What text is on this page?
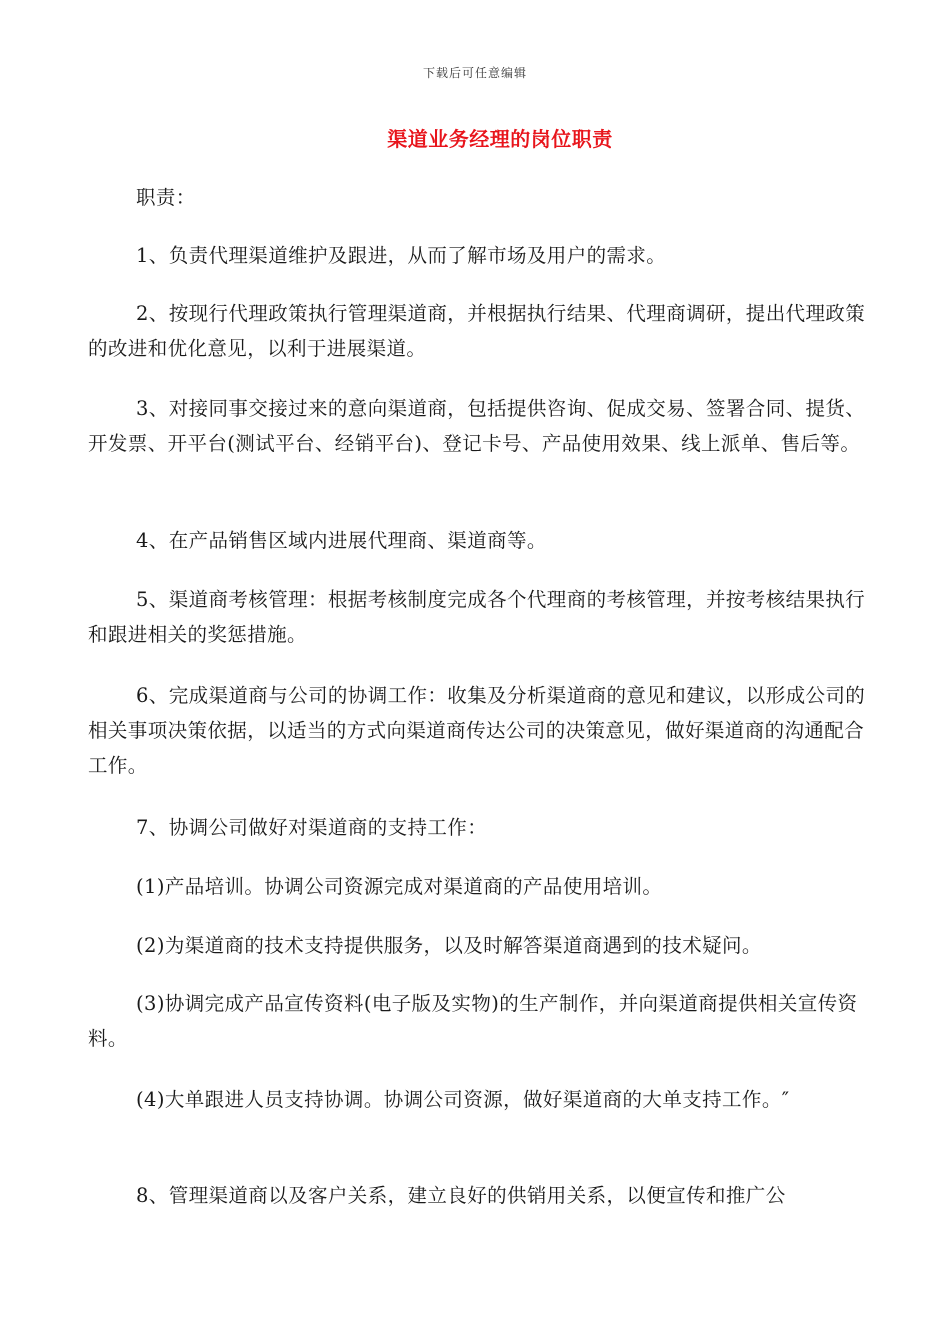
下载后可任意编辑
渠道业务经理的岗位职责

职责：

1、负责代理渠道维护及跟进，从而了解市场及用户的需求。

2、按现行代理政策执行管理渠道商，并根据执行结果、代理商调研，提出代理政策的改进和优化意见，以利于进展渠道。

3、对接同事交接过来的意向渠道商，包括提供咨询、促成交易、签署合同、提货、开发票、开平台(测试平台、经销平台)、登记卡号、产品使用效果、线上派单、售后等。

4、在产品销售区域内进展代理商、渠道商等。

5、渠道商考核管理：根据考核制度完成各个代理商的考核管理，并按考核结果执行和跟进相关的奖惩措施。

6、完成渠道商与公司的协调工作：收集及分析渠道商的意见和建议，以形成公司的相关事项决策依据，以适当的方式向渠道商传达公司的决策意见，做好渠道商的沟通配合工作。

7、协调公司做好对渠道商的支持工作：

(1)产品培训。协调公司资源完成对渠道商的产品使用培训。

(2)为渠道商的技术支持提供服务，以及时解答渠道商遇到的技术疑问。

(3)协调完成产品宣传资料(电子版及实物)的生产制作，并向渠道商提供相关宣传资料。

(4)大单跟进人员支持协调。协调公司资源，做好渠道商的大单支持工作。″

8、管理渠道商以及客户关系，建立良好的供销用关系，以便宣传和推广公
